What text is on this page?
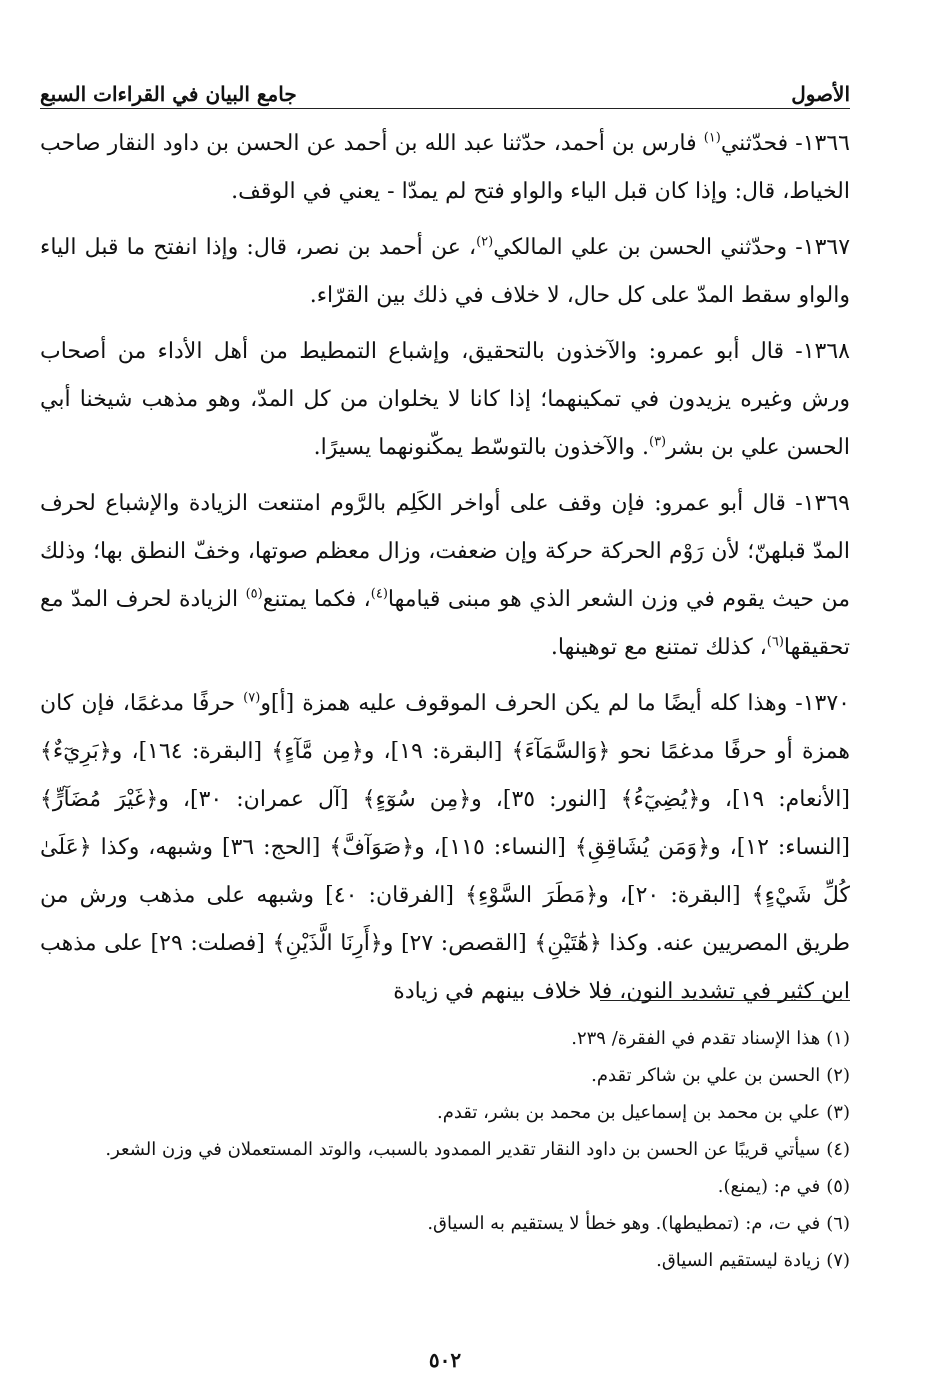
الأصول
جامع البيان في القراءات السبع

١٣٦٦- فحدّثني$^{(١)}$ فارس بن أحمد، حدّثنا عبد الله بن أحمد عن الحسن بن داود النقار صاحب الخياط، قال: وإذا كان قبل الياء والواو فتح لم يمدّا - يعني في الوقف.

١٣٦٧- وحدّثني الحسن بن علي المالكي$^{(٢)}$، عن أحمد بن نصر، قال: وإذا انفتح ما قبل الياء والواو سقط المدّ على كل حال، لا خلاف في ذلك بين القرّاء.

١٣٦٨- قال أبو عمرو: والآخذون بالتحقيق، وإشباع التمطيط من أهل الأداء من أصحاب ورش وغيره يزيدون في تمكينهما؛ إذا كانا لا يخلوان من كل المدّ، وهو مذهب شيخنا أبي الحسن علي بن بشر$^{(٣)}$. والآخذون بالتوسّط يمكّنونهما يسيرًا.

١٣٦٩- قال أبو عمرو: فإن وقف على أواخر الكَلِم بالرَّوم امتنعت الزيادة والإشباع لحرف المدّ قبلهنّ؛ لأن رَوْم الحركة حركة وإن ضعفت، وزال معظم صوتها، وخفّ النطق بها؛ وذلك من حيث يقوم في وزن الشعر الذي هو مبنى قيامها$^{(٤)}$، فكما يمتنع$^{(٥)}$ الزيادة لحرف المدّ مع تحقيقها$^{(٦)}$، كذلك تمتنع مع توهينها.

١٣٧٠- وهذا كله أيضًا ما لم يكن الحرف الموقوف عليه همزة [أ]و$^{(٧)}$ حرفًا مدغمًا، فإن كان همزة أو حرفًا مدغمًا نحو ﴿وَالسَّمَآءَ﴾ [البقرة: ١٩]، و﴿مِن مَّآءٍ﴾ [البقرة: ١٦٤]، و﴿بَرِيٓءٌ﴾ [الأنعام: ١٩]، و﴿يُضِيٓءُ﴾ [النور: ٣٥]، و﴿مِن سُوٓءٍ﴾ [آل عمران: ٣٠]، و﴿غَيْرَ مُضَآرٍّ﴾ [النساء: ١٢]، و﴿وَمَن يُشَاقِقِ﴾ [النساء: ١١٥]، و﴿صَوَآفَّ﴾ [الحج: ٣٦] وشبهه، وكذا ﴿عَلَىٰ كُلِّ شَيْءٍ﴾ [البقرة: ٢٠]، و﴿مَطَرَ السَّوْءِ﴾ [الفرقان: ٤٠] وشبهه على مذهب ورش من طريق المصريين عنه. وكذا ﴿هَٰتَيْنِ﴾ [القصص: ٢٧] و﴿أَرِنَا الَّذَيْنِ﴾ [فصلت: ٢٩] على مذهب ابن كثير في تشديد النون، فلا خلاف بينهم في زيادة

(١)هذا الإسناد تقدم في الفقرة/ ٢٣٩.

(٢)الحسن بن علي بن شاكر تقدم.

(٣)علي بن محمد بن إسماعيل بن محمد بن بشر، تقدم.

(٤)سيأتي قريبًا عن الحسن بن داود النقار تقدير الممدود بالسبب، والوتد المستعملان في وزن الشعر.

(٥)في م: (يمنع).

(٦)في ت، م: (تمطيطها). وهو خطأ لا يستقيم به السياق.

(٧)زيادة ليستقيم السياق.

٥٠٢
